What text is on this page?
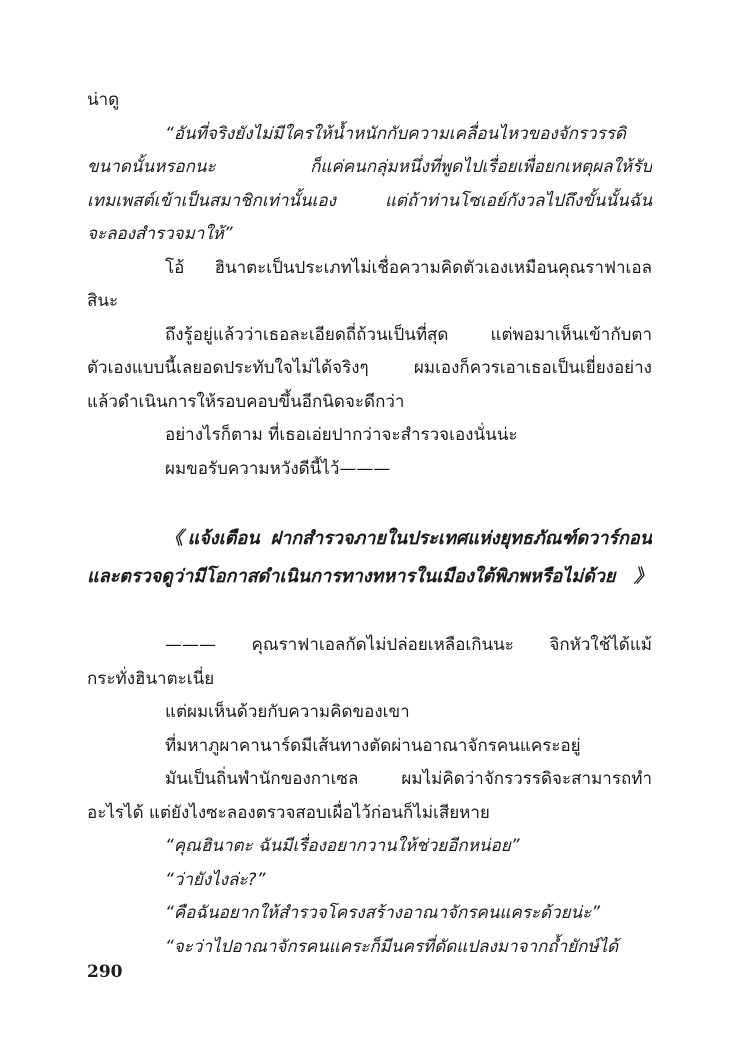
น่าดู
“อันที่จริงยังไม่มีใครให้น้ำหนักกับความเคลื่อนไหวของจักรวรรดิ
ขนาดนั้นหรอกนะ ก็แค่คนกลุ่มหนึ่งที่พูดไปเรื่อยเพื่อยกเหตุผลให้รับ
เทมเพสต์เข้าเป็นสมาชิกเท่านั้นเอง แต่ถ้าท่านโซเอย์กังวลไปถึงขั้นนั้นฉัน
จะลองสำรวจมาให้”
โอ้ ฮินาตะเป็นประเภทไม่เชื่อความคิดตัวเองเหมือนคุณราฟาเอล
สินะ
ถึงรู้อยู่แล้วว่าเธอละเอียดถี่ถ้วนเป็นที่สุด แต่พอมาเห็นเข้ากับตา
ตัวเองแบบนี้เลยอดประทับใจไม่ได้จริงๆ ผมเองก็ควรเอาเธอเป็นเยี่ยงอย่าง
แล้วดำเนินการให้รอบคอบขึ้นอีกนิดจะดีกว่า
อย่างไรก็ตาม ที่เธอเอ่ยปากว่าจะสำรวจเองนั่นน่ะ
ผมขอรับความหวังดีนี้ไว้———
《แจ้งเตือน ฝากสำรวจภายในประเทศแห่งยุทธภัณฑ์ดวาร์กอน
และตรวจดูว่ามีโอกาสดำเนินการทางทหารในเมืองใต้พิภพหรือไม่ด้วย》
——— คุณราฟาเอลกัดไม่ปล่อยเหลือเกินนะ จิกหัวใช้ได้แม้
กระทั่งฮินาตะเนี่ย
แต่ผมเห็นด้วยกับความคิดของเขา
ที่มหาภูผาคานาร์ดมีเส้นทางตัดผ่านอาณาจักรคนแคระอยู่
มันเป็นถิ่นพำนักของกาเซล ผมไม่คิดว่าจักรวรรดิจะสามารถทำ
อะไรได้ แต่ยังไงซะลองตรวจสอบเผื่อไว้ก่อนก็ไม่เสียหาย
“คุณฮินาตะ ฉันมีเรื่องอยากวานให้ช่วยอีกหน่อย”
“ว่ายังไงล่ะ?”
“คือฉันอยากให้สำรวจโครงสร้างอาณาจักรคนแคระด้วยน่ะ”
“จะว่าไปอาณาจักรคนแคระก็มีนครที่ดัดแปลงมาจากถ้ำยักษ์ได้
290
